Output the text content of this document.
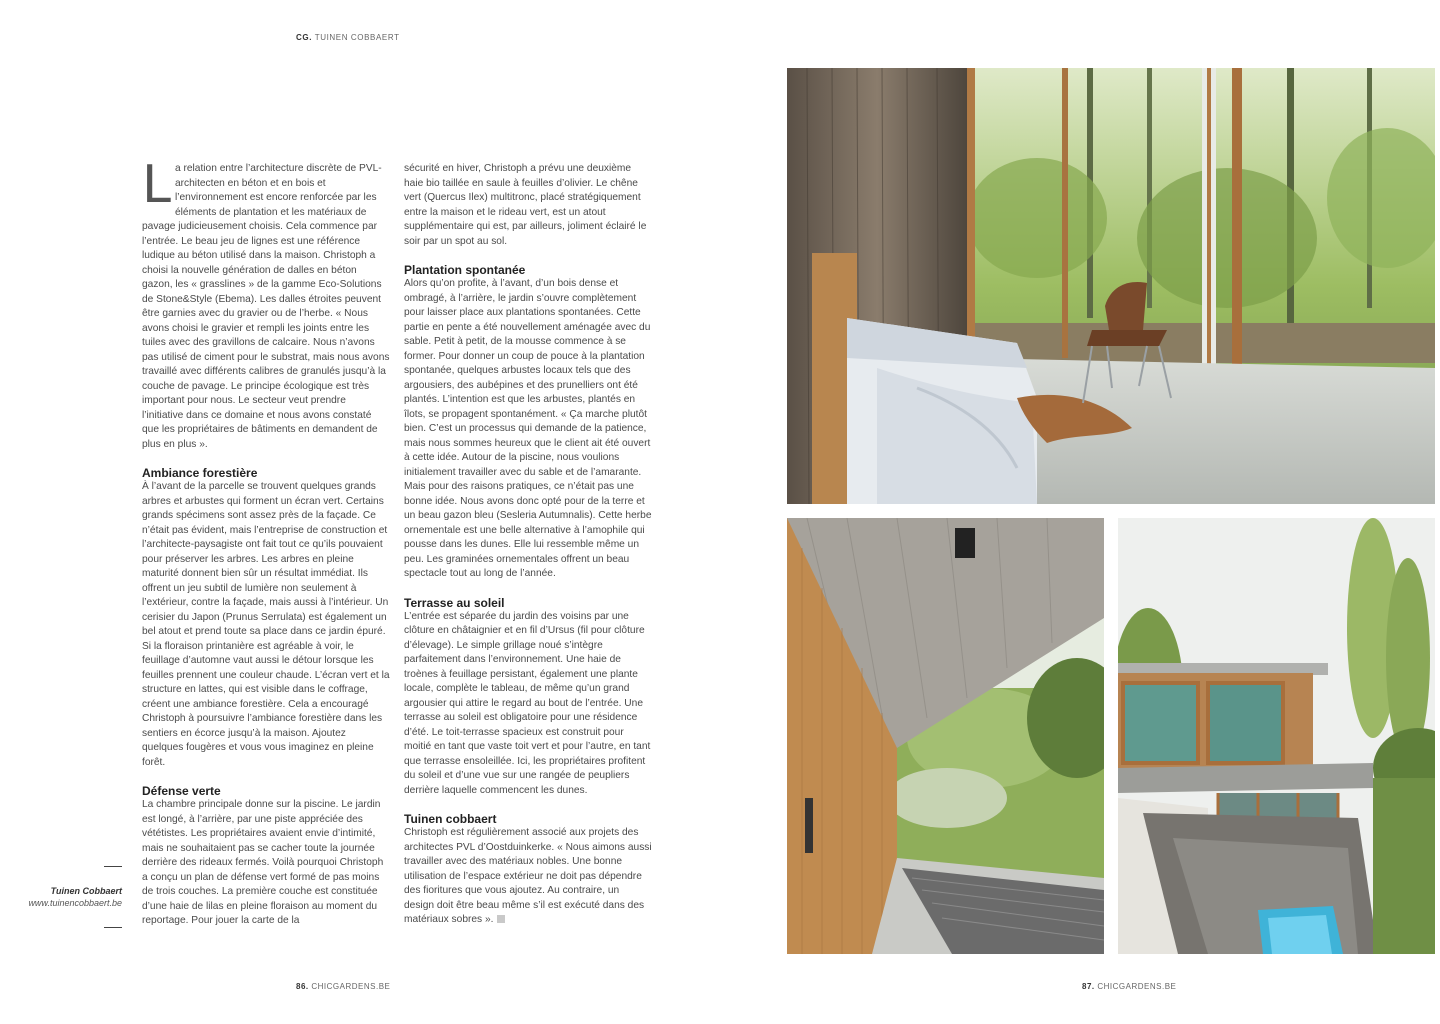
CG. TUINEN COBBAERT

La relation entre l’architecture discrète de PVL-architecten en béton et en bois et l’environnement est encore renforcée par les éléments de plantation et les matériaux de pavage judicieusement choisis. Cela commence par l’entrée. Le beau jeu de lignes est une référence ludique au béton utilisé dans la maison. Christoph a choisi la nouvelle génération de dalles en béton gazon, les « grasslines » de la gamme Eco-Solutions de Stone&Style (Ebema). Les dalles étroites peuvent être garnies avec du gravier ou de l’herbe. « Nous avons choisi le gravier et rempli les joints entre les tuiles avec des gravillons de calcaire. Nous n’avons pas utilisé de ciment pour le substrat, mais nous avons travaillé avec différents calibres de granulés jusqu’à la couche de pavage. Le principe écologique est très important pour nous. Le secteur veut prendre l’initiative dans ce domaine et nous avons constaté que les propriétaires de bâtiments en demandent de plus en plus ».

Ambiance forestière

À l’avant de la parcelle se trouvent quelques grands arbres et arbustes qui forment un écran vert. Certains grands spécimens sont assez près de la façade. Ce n’était pas évident, mais l’entreprise de construction et l’architecte-paysagiste ont fait tout ce qu’ils pouvaient pour préserver les arbres. Les arbres en pleine maturité donnent bien sûr un résultat immédiat. Ils offrent un jeu subtil de lumière non seulement à l’extérieur, contre la façade, mais aussi à l’intérieur. Un cerisier du Japon (Prunus Serrulata) est également un bel atout et prend toute sa place dans ce jardin épuré. Si la floraison printanière est agréable à voir, le feuillage d’automne vaut aussi le détour lorsque les feuilles prennent une couleur chaude. L’écran vert et la structure en lattes, qui est visible dans le coffrage, créent une ambiance forestière. Cela a encouragé Christoph à poursuivre l’ambiance forestière dans les sentiers en écorce jusqu’à la maison. Ajoutez quelques fougères et vous vous imaginez en pleine forêt.

Défense verte

La chambre principale donne sur la piscine. Le jardin est longé, à l’arrière, par une piste appréciée des vététistes. Les propriétaires avaient envie d’intimité, mais ne souhaitaient pas se cacher toute la journée derrière des rideaux fermés. Voilà pourquoi Christoph a conçu un plan de défense vert formé de pas moins de trois couches. La première couche est constituée d’une haie de lilas en pleine floraison au moment du reportage. Pour jouer la carte de la

sécurité en hiver, Christoph a prévu une deuxième haie bio taillée en saule à feuilles d’olivier. Le chêne vert (Quercus Ilex) multitronc, placé stratégiquement entre la maison et le rideau vert, est un atout supplémentaire qui est, par ailleurs, joliment éclairé le soir par un spot au sol.

Plantation spontanée

Alors qu’on profite, à l’avant, d’un bois dense et ombragé, à l’arrière, le jardin s’ouvre complètement pour laisser place aux plantations spontanées. Cette partie en pente a été nouvellement aménagée avec du sable. Petit à petit, de la mousse commence à se former. Pour donner un coup de pouce à la plantation spontanée, quelques arbustes locaux tels que des argousiers, des aubépines et des prunelliers ont été plantés. L’intention est que les arbustes, plantés en îlots, se propagent spontanément. « Ça marche plutôt bien. C’est un processus qui demande de la patience, mais nous sommes heureux que le client ait été ouvert à cette idée. Autour de la piscine, nous voulions initialement travailler avec du sable et de l’amarante. Mais pour des raisons pratiques, ce n’était pas une bonne idée. Nous avons donc opté pour de la terre et un beau gazon bleu (Sesleria Autumnalis). Cette herbe ornementale est une belle alternative à l’amophile qui pousse dans les dunes. Elle lui ressemble même un peu. Les graminées ornementales offrent un beau spectacle tout au long de l’année.

Terrasse au soleil

L’entrée est séparée du jardin des voisins par une clôture en châtaignier et en fil d’Ursus (fil pour clôture d’élevage). Le simple grillage noué s’intègre parfaitement dans l’environnement. Une haie de troènes à feuillage persistant, également une plante locale, complète le tableau, de même qu’un grand argousier qui attire le regard au bout de l’entrée. Une terrasse au soleil est obligatoire pour une résidence d’été. Le toit-terrasse spacieux est construit pour moitié en tant que vaste toit vert et pour l’autre, en tant que terrasse ensoleillée. Ici, les propriétaires profitent du soleil et d’une vue sur une rangée de peupliers derrière laquelle commencent les dunes.

Tuinen cobbaert

Christoph est régulièrement associé aux projets des architectes PVL d’Oostduinkerke. « Nous aimons aussi travailler avec des matériaux nobles. Une bonne utilisation de l’espace extérieur ne doit pas dépendre des fioritures que vous ajoutez. Au contraire, un design doit être beau même s’il est exécuté dans des matériaux sobres ».

Tuinen Cobbaert
www.tuinencobbaert.be
86. CHICGARDENS.BE	87. CHICGARDENS.BE
